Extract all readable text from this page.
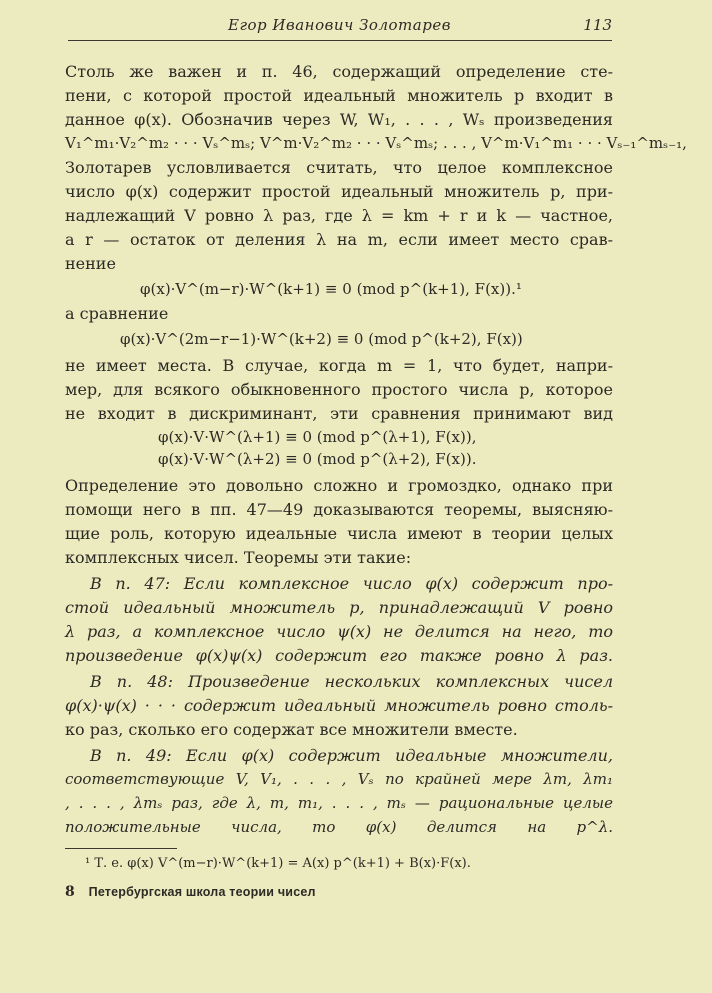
Егор Иванович Золотарев	113
Столь же важен и п. 46, содержащий определение сте-
пени, с которой простой идеальный множитель p входит в
данное φ(x). Обозначив через W, W₁, . . . , Wₛ произведения
V₁^m₁·V₂^m₂ · · · Vₛ^mₛ; V^m·V₂^m₂ · · · Vₛ^mₛ; . . . , V^m·V₁^m₁ · · · Vₛ₋₁^mₛ₋₁,
Золотарев условливается считать, что целое комплексное
число φ(x) содержит простой идеальный множитель p, при-
надлежащий V ровно λ раз, где λ = km + r и k — частное,
а r — остаток от деления λ на m, если имеет место срав-
нение
φ(x)·V^(m−r)·W^(k+1) ≡ 0 (mod p^(k+1), F(x)).¹
а сравнение
φ(x)·V^(2m−r−1)·W^(k+2) ≡ 0 (mod p^(k+2), F(x))
не имеет места. В случае, когда m = 1, что будет, напри-
мер, для всякого обыкновенного простого числа p, которое
не входит в дискриминант, эти сравнения принимают вид
φ(x)·V·W^(λ+1) ≡ 0 (mod p^(λ+1), F(x)),
φ(x)·V·W^(λ+2) ≡ 0 (mod p^(λ+2), F(x)).
Определение это довольно сложно и громоздко, однако при
помощи него в пп. 47—49 доказываются теоремы, выясняю-
щие роль, которую идеальные числа имеют в теории целых
комплексных чисел. Теоремы эти такие:
В п. 47: Если комплексное число φ(x) содержит про-
стой идеальный множитель p, принадлежащий V ровно
λ раз, а комплексное число ψ(x) не делится на него, то
произведение φ(x)ψ(x) содержит его также ровно λ раз.
В п. 48: Произведение нескольких комплексных чисел
φ(x)·ψ(x) · · · содержит идеальный множитель ровно столь-
ко раз, сколько его содержат все множители вместе.
В п. 49: Если φ(x) содержит идеальные множители,
соответствующие V, V₁, . . . , Vₛ по крайней мере λm, λm₁
, . . . , λmₛ раз, где λ, m, m₁, . . . , mₛ — рациональные целые
положительные числа, то φ(x) делится на p^λ.
¹ Т. е. φ(x) V^(m−r)·W^(k+1) = A(x) p^(k+1) + B(x)·F(x).
8 Петербургская школа теории чисел
